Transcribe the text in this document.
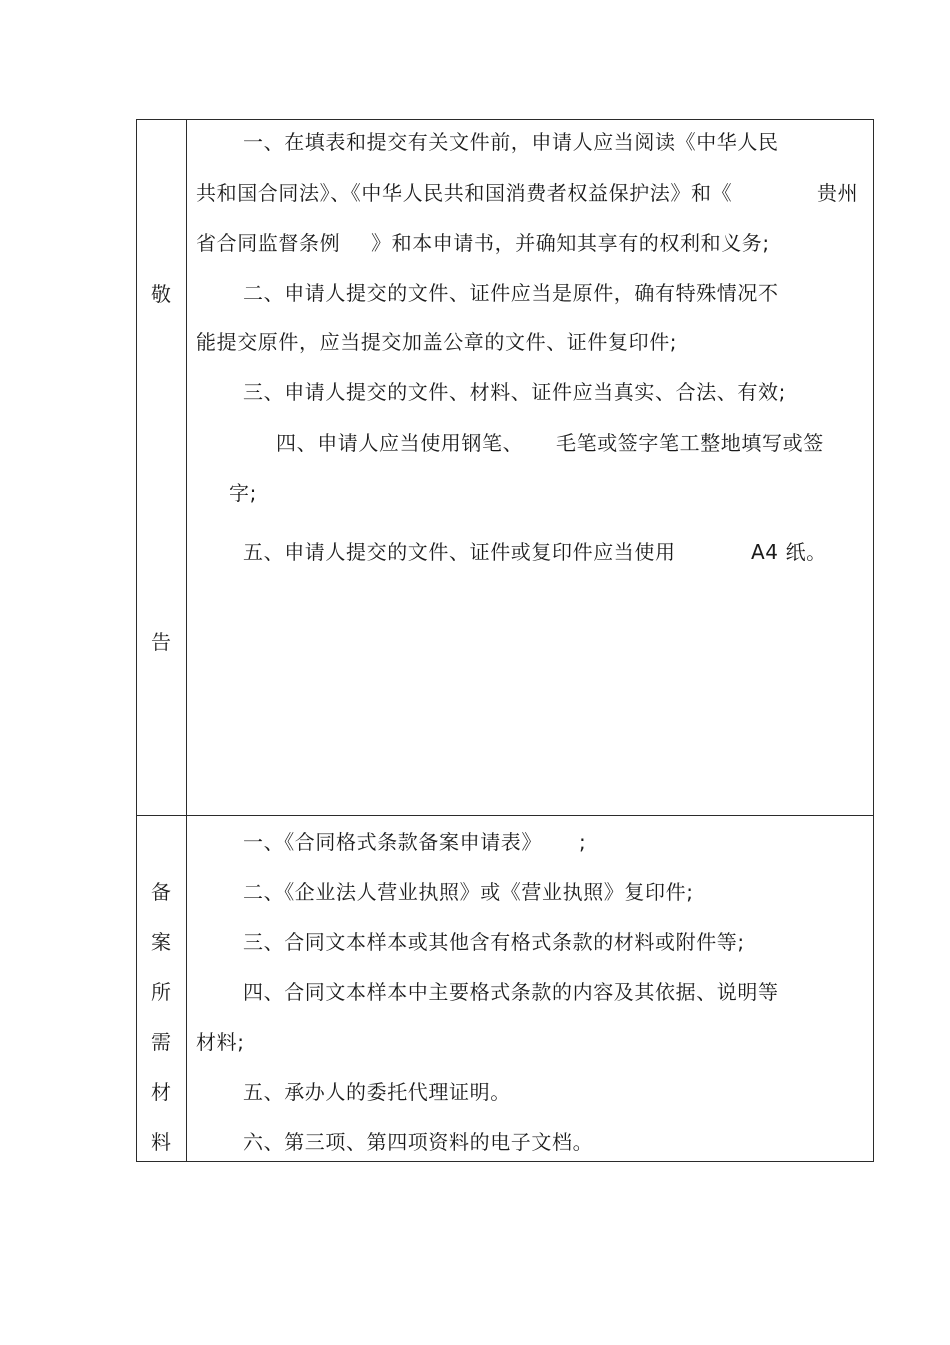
敬
告
一、在填表和提交有关文件前，申请人应当阅读《中华人民
共和国合同法》、《中华人民共和国消费者权益保护法》和《	贵州
省合同监督条例 》和本申请书，并确知其享有的权利和义务;
二、申请人提交的文件、证件应当是原件，确有特殊情况不
能提交原件，应当提交加盖公章的文件、证件复印件;
三、申请人提交的文件、材料、证件应当真实、合法、有效;
四、申请人应当使用钢笔、 毛笔或签字笔工整地填写或签
字;
五、申请人提交的文件、证件或复印件应当使用	A4 纸。
备
案
所
需
材
料
一、《合同格式条款备案申请表》 ;
二、《企业法人营业执照》或《营业执照》复印件;
三、合同文本样本或其他含有格式条款的材料或附件等;
四、合同文本样本中主要格式条款的内容及其依据、说明等
材料;
五、承办人的委托代理证明。
六、第三项、第四项资料的电子文档。
